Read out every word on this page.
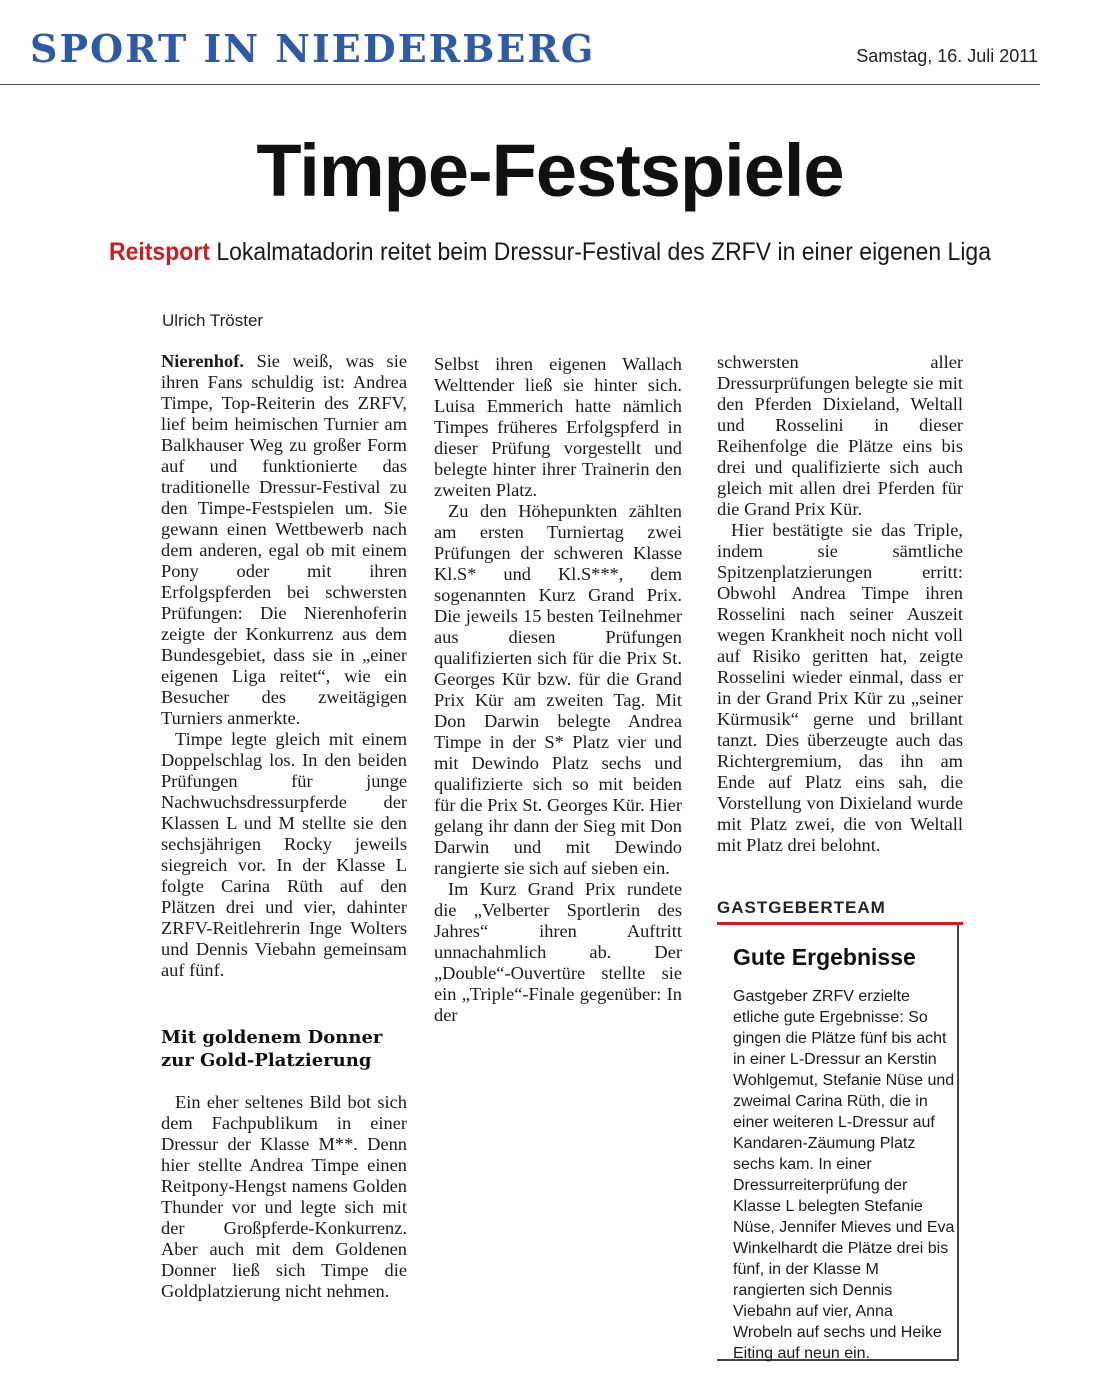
SPORT IN NIEDERBERG	Samstag, 16. Juli 2011
Timpe-Festspiele
Reitsport Lokalmatadorin reitet beim Dressur-Festival des ZRFV in einer eigenen Liga
Ulrich Tröster

Nierenhof. Sie weiß, was sie ihren Fans schuldig ist: Andrea Timpe, Top-Reiterin des ZRFV, lief beim heimischen Turnier am Balkhauser Weg zu großer Form auf und funktionierte das traditionelle Dressur-Festival zu den Timpe-Festspielen um. Sie gewann einen Wettbewerb nach dem anderen, egal ob mit einem Pony oder mit ihren Erfolgspferden bei schwersten Prüfungen: Die Nierenhoferin zeigte der Konkurrenz aus dem Bundesgebiet, dass sie in „einer eigenen Liga reitet“, wie ein Besucher des zweitägigen Turniers anmerkte.

Timpe legte gleich mit einem Doppelschlag los. In den beiden Prüfungen für junge Nachwuchsdressurpferde der Klassen L und M stellte sie den sechsjährigen Rocky jeweils siegreich vor. In der Klasse L folgte Carina Rüth auf den Plätzen drei und vier, dahinter ZRFV-Reitlehrerin Inge Wolters und Dennis Viebahn gemeinsam auf fünf.

Mit goldenem Donner zur Gold-Platzierung

Ein eher seltenes Bild bot sich dem Fachpublikum in einer Dressur der Klasse M**. Denn hier stellte Andrea Timpe einen Reitpony-Hengst namens Golden Thunder vor und legte sich mit der Großpferde-Konkurrenz. Aber auch mit dem Goldenen Donner ließ sich Timpe die Goldplatzierung nicht nehmen.

Selbst ihren eigenen Wallach Welttender ließ sie hinter sich. Luisa Emmerich hatte nämlich Timpes früheres Erfolgspferd in dieser Prüfung vorgestellt und belegte hinter ihrer Trainerin den zweiten Platz.

Zu den Höhepunkten zählten am ersten Turniertag zwei Prüfungen der schweren Klasse Kl.S* und Kl.S***, dem sogenannten Kurz Grand Prix. Die jeweils 15 besten Teilnehmer aus diesen Prüfungen qualifizierten sich für die Prix St. Georges Kür bzw. für die Grand Prix Kür am zweiten Tag. Mit Don Darwin belegte Andrea Timpe in der S* Platz vier und mit Dewindo Platz sechs und qualifizierte sich so mit beiden für die Prix St. Georges Kür. Hier gelang ihr dann der Sieg mit Don Darwin und mit Dewindo rangierte sie sich auf sieben ein.

Im Kurz Grand Prix rundete die „Velberter Sportlerin des Jahres“ ihren Auftritt unnachahmlich ab. Der „Double“-Ouvertüre stellte sie ein „Triple“-Finale gegenüber: In der

schwersten aller Dressurprüfungen belegte sie mit den Pferden Dixieland, Weltall und Rosselini in dieser Reihenfolge die Plätze eins bis drei und qualifizierte sich auch gleich mit allen drei Pferden für die Grand Prix Kür.

Hier bestätigte sie das Triple, indem sie sämtliche Spitzenplatzierungen erritt: Obwohl Andrea Timpe ihren Rosselini nach seiner Auszeit wegen Krankheit noch nicht voll auf Risiko geritten hat, zeigte Rosselini wieder einmal, dass er in der Grand Prix Kür zu „seiner Kürmusik“ gerne und brillant tanzt. Dies überzeugte auch das Richtergremium, das ihn am Ende auf Platz eins sah, die Vorstellung von Dixieland wurde mit Platz zwei, die von Weltall mit Platz drei belohnt.

GASTGEBERTEAM
Gute Ergebnisse

Gastgeber ZRFV erzielte etliche gute Ergebnisse: So gingen die Plätze fünf bis acht in einer L-Dressur an Kerstin Wohlgemut, Stefanie Nüse und zweimal Carina Rüth, die in einer weiteren L-Dressur auf Kandaren-Zäumung Platz sechs kam. In einer Dressurreiterprüfung der Klasse L belegten Stefanie Nüse, Jennifer Mieves und Eva Winkelhardt die Plätze drei bis fünf, in der Klasse M rangierten sich Dennis Viebahn auf vier, Anna Wrobeln auf sechs und Heike Eiting auf neun ein.
